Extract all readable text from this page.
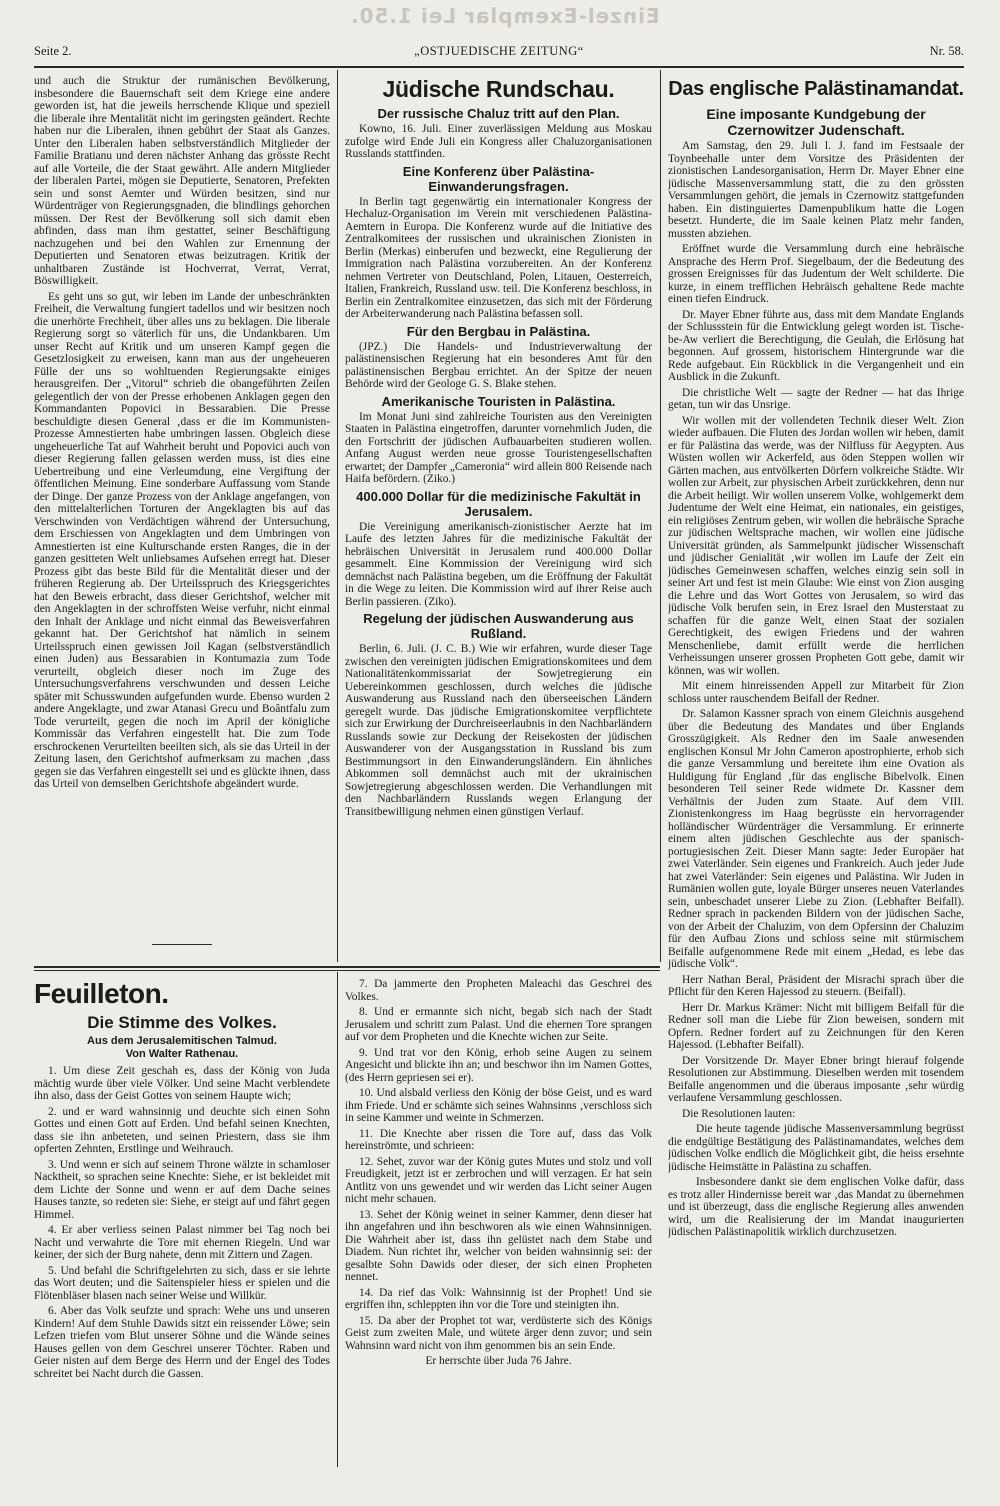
Einzel-Exemplar Lei 1.50.
Seite 2.	„OSTJUEDISCHE ZEITUNG“	Nr. 58.

und auch die Struktur der rumänischen Bevölkerung, insbesondere die Bauernschaft seit dem Kriege eine andere geworden ist, hat die jeweils herrschende Klique und speziell die liberale ihre Mentalität nicht im geringsten geändert. Rechte haben nur die Liberalen, ihnen gebührt der Staat als Ganzes. Unter den Liberalen haben selbstverständlich Mitglieder der Familie Bratianu und deren nächster Anhang das grösste Recht auf alle Vorteile, die der Staat gewährt. Alle andern Mitglieder der liberalen Partei, mögen sie Deputierte, Senatoren, Prefekten sein und sonst Aemter und Würden besitzen, sind nur Würdenträger von Regierungsgnaden, die blindlings gehorchen müssen. Der Rest der Bevölkerung soll sich damit eben abfinden, dass man ihm gestattet, seiner Beschäftigung nachzugehen und bei den Wahlen zur Ernennung der Deputierten und Senatoren etwas beizutragen. Kritik der unhaltbaren Zustände ist Hochverrat, Verrat, Verrat, Böswilligkeit.

Es geht uns so gut, wir leben im Lande der unbeschränkten Freiheit, die Verwaltung fungiert tadellos und wir besitzen noch die unerhörte Frechheit, über alles uns zu beklagen. Die liberale Regierung sorgt so väterlich für uns, die Undankbaren. Um unser Recht auf Kritik und um unseren Kampf gegen die Gesetzlosigkeit zu erweisen, kann man aus der ungeheueren Fülle der uns so wohltuenden Regierungsakte einiges herausgreifen. Der „Vitorul“ schrieb die obangeführten Zeilen gelegentlich der von der Presse erhobenen Anklagen gegen den Kommandanten Popovici in Bessarabien. Die Presse beschuldigte diesen General ‚dass er die im Kommunisten-Prozesse Amnestierten habe umbringen lassen. Obgleich diese ungeheuerliche Tat auf Wahrheit beruht und Popovici auch von dieser Regierung fallen gelassen werden muss, ist dies eine Uebertreibung und eine Verleumdung, eine Vergiftung der öffentlichen Meinung. Eine sonderbare Auffassung vom Stande der Dinge. Der ganze Prozess von der Anklage angefangen, von den mittelalterlichen Torturen der Angeklagten bis auf das Verschwinden von Verdächtigen während der Untersuchung, dem Erschiessen von Angeklagten und dem Umbringen von Amnestierten ist eine Kulturschande ersten Ranges, die in der ganzen gesitteten Welt unliebsames Aufsehen erregt hat. Dieser Prozess gibt das beste Bild für die Mentalität dieser und der früheren Regierung ab. Der Urteilsspruch des Kriegsgerichtes hat den Beweis erbracht, dass dieser Gerichtshof, welcher mit den Angeklagten in der schroffsten Weise verfuhr, nicht einmal den Inhalt der Anklage und nicht einmal das Beweisverfahren gekannt hat. Der Gerichtshof hat nämlich in seinem Urteilsspruch einen gewissen Joil Kagan (selbstverständlich einen Juden) aus Bessarabien in Kontumazia zum Tode verurteilt, obgleich dieser noch im Zuge des Untersuchungsverfahrens verschwunden und dessen Leiche später mit Schusswunden aufgefunden wurde. Ebenso wurden 2 andere Angeklagte, und zwar Atanasi Grecu und Boântfalu zum Tode verurteilt, gegen die noch im April der königliche Kommissär das Verfahren eingestellt hat. Die zum Tode erschrockenen Verurteilten beeilten sich, als sie das Urteil in der Zeitung lasen, den Gerichtshof aufmerksam zu machen ‚dass gegen sie das Verfahren eingestellt sei und es glückte ihnen, dass das Urteil von demselben Gerichtshofe abgeändert wurde.

Jüdische Rundschau.
Der russische Chaluz tritt auf den Plan.

Kowno, 16. Juli. Einer zuverlässigen Meldung aus Moskau zufolge wird Ende Juli ein Kongress aller Chaluzorganisationen Russlands stattfinden.

Eine Konferenz über Palästina-Einwanderungsfragen.

In Berlin tagt gegenwärtig ein internationaler Kongress der Hechaluz-Organisation im Verein mit verschiedenen Palästina-Aemtern in Europa. Die Konferenz wurde auf die Initiative des Zentralkomitees der russischen und ukrainischen Zionisten in Berlin (Merkas) einberufen und bezweckt, eine Regulierung der Immigration nach Palästina vorzubereiten. An der Konferenz nehmen Vertreter von Deutschland, Polen, Litauen, Oesterreich, Italien, Frankreich, Russland usw. teil. Die Konferenz beschloss, in Berlin ein Zentralkomitee einzusetzen, das sich mit der Förderung der Arbeiterwanderung nach Palästina befassen soll.

Für den Bergbau in Palästina.

(JPZ.) Die Handels- und Industrieverwaltung der palästinensischen Regierung hat ein besonderes Amt für den palästinensischen Bergbau errichtet. An der Spitze der neuen Behörde wird der Geologe G. S. Blake stehen.

Amerikanische Touristen in Palästina.

Im Monat Juni sind zahlreiche Touristen aus den Vereinigten Staaten in Palästina eingetroffen, darunter vornehmlich Juden, die den Fortschritt der jüdischen Aufbauarbeiten studieren wollen. Anfang August werden neue grosse Touristengesellschaften erwartet; der Dampfer „Cameronia“ wird allein 800 Reisende nach Haifa befördern. (Ziko.)

400.000 Dollar für die medizinische Fakultät in Jerusalem.

Die Vereinigung amerikanisch-zionistischer Aerzte hat im Laufe des letzten Jahres für die medizinische Fakultät der hebräischen Universität in Jerusalem rund 400.000 Dollar gesammelt. Eine Kommission der Vereinigung wird sich demnächst nach Palästina begeben, um die Eröffnung der Fakultät in die Wege zu leiten. Die Kommission wird auf ihrer Reise auch Berlin passieren. (Ziko).

Regelung der jüdischen Auswanderung aus Rußland.

Berlin, 6. Juli. (J. C. B.) Wie wir erfahren, wurde dieser Tage zwischen den vereinigten jüdischen Emigrationskomitees und dem Nationalitätenkommissariat der Sowjetregierung ein Uebereinkommen geschlossen, durch welches die jüdische Auswanderung aus Russland nach den überseeischen Ländern geregelt wurde. Das jüdische Emigrationskomitee verpflichtete sich zur Erwirkung der Durchreiseerlaubnis in den Nachbarländern Russlands sowie zur Deckung der Reisekosten der jüdischen Auswanderer von der Ausgangsstation in Russland bis zum Bestimmungsort in den Einwanderungsländern. Ein ähnliches Abkommen soll demnächst auch mit der ukrainischen Sowjetregierung abgeschlossen werden. Die Verhandlungen mit den Nachbarländern Russlands wegen Erlangung der Transitbewilligung nehmen einen günstigen Verlauf.

Das englische Palästinamandat.
Eine imposante Kundgebung der Czernowitzer Judenschaft.

Am Samstag, den 29. Juli l. J. fand im Festsaale der Toynbeehalle unter dem Vorsitze des Präsidenten der zionistischen Landesorganisation, Herrn Dr. Mayer Ebner eine jüdische Massenversammlung statt, die zu den grössten Versammlungen gehört, die jemals in Czernowitz stattgefunden haben. Ein distinguiertes Damenpublikum hatte die Logen besetzt. Hunderte, die im Saale keinen Platz mehr fanden, mussten abziehen.

Eröffnet wurde die Versammlung durch eine hebräische Ansprache des Herrn Prof. Siegelbaum, der die Bedeutung des grossen Ereignisses für das Judentum der Welt schilderte. Die kurze, in einem trefflichen Hebräisch gehaltene Rede machte einen tiefen Eindruck.

Dr. Mayer Ebner führte aus, dass mit dem Mandate Englands der Schlussstein für die Entwicklung gelegt worden ist. Tische-be-Aw verliert die Berechtigung, die Geulah, die Erlösung hat begonnen. Auf grossem, historischem Hintergrunde war die Rede aufgebaut. Ein Rückblick in die Vergangenheit und ein Ausblick in die Zukunft.

Die christliche Welt — sagte der Redner — hat das Ihrige getan, tun wir das Unsrige.

Wir wollen mit der vollendeten Technik dieser Welt. Zion wieder aufbauen. Die Fluten des Jordan wollen wir heben, damit er für Palästina das werde, was der Nilfluss für Aegypten. Aus Wüsten wollen wir Ackerfeld, aus öden Steppen wollen wir Gärten machen, aus entvölkerten Dörfern volkreiche Städte. Wir wollen zur Arbeit, zur physischen Arbeit zurückkehren, denn nur die Arbeit heiligt. Wir wollen unserem Volke, wohlgemerkt dem Judentume der Welt eine Heimat, ein nationales, ein geistiges, ein religiöses Zentrum geben, wir wollen die hebräische Sprache zur jüdischen Weltsprache machen, wir wollen eine jüdische Universität gründen, als Sammelpunkt jüdischer Wissenschaft und jüdischer Genialität ‚wir wollen im Laufe der Zeit ein jüdisches Gemeinwesen schaffen, welches einzig sein soll in seiner Art und fest ist mein Glaube: Wie einst von Zion ausging die Lehre und das Wort Gottes von Jerusalem, so wird das jüdische Volk berufen sein, in Erez Israel den Musterstaat zu schaffen für die ganze Welt, einen Staat der sozialen Gerechtigkeit, des ewigen Friedens und der wahren Menschenliebe, damit erfüllt werde die herrlichen Verheissungen unserer grossen Propheten Gott gebe, damit wir können, was wir wollen.

Mit einem hinreissenden Appell zur Mitarbeit für Zion schloss unter rauschendem Beifall der Redner.

Dr. Salamon Kassner sprach von einem Gleichnis ausgehend über die Bedeutung des Mandates und über Englands Grosszügigkeit. Als Redner den im Saale anwesenden englischen Konsul Mr John Cameron apostrophierte, erhob sich die ganze Versammlung und bereitete ihm eine Ovation als Huldigung für England ‚für das englische Bibelvolk. Einen besonderen Teil seiner Rede widmete Dr. Kassner dem Verhältnis der Juden zum Staate. Auf dem VIII. Zionistenkongress im Haag begrüsste ein hervorragender holländischer Würdenträger die Versammlung. Er erinnerte einem alten jüdischen Geschlechte aus der spanisch-portugiesischen Zeit. Dieser Mann sagte: Jeder Europäer hat zwei Vaterländer. Sein eigenes und Frankreich. Auch jeder Jude hat zwei Vaterländer: Sein eigenes und Palästina. Wir Juden in Rumänien wollen gute, loyale Bürger unseres neuen Vaterlandes sein, unbeschadet unserer Liebe zu Zion. (Lebhafter Beifall). Redner sprach in packenden Bildern von der jüdischen Sache, von der Arbeit der Chaluzim, von dem Opfersinn der Chaluzim für den Aufbau Zions und schloss seine mit stürmischem Beifalle aufgenommene Rede mit einem „Hedad, es lebe das jüdische Volk“.

Herr Nathan Beral, Präsident der Misrachi sprach über die Pflicht für den Keren Hajessod zu steuern. (Beifall).

Herr Dr. Markus Krämer: Nicht mit billigem Beifall für die Redner soll man die Liebe für Zion beweisen, sondern mit Opfern. Redner fordert auf zu Zeichnungen für den Keren Hajessod. (Lebhafter Beifall).

Der Vorsitzende Dr. Mayer Ebner bringt hierauf folgende Resolutionen zur Abstimmung. Dieselben werden mit tosendem Beifalle angenommen und die überaus imposante ‚sehr würdig verlaufene Versammlung geschlossen.

Die Resolutionen lauten:

Die heute tagende jüdische Massenversammlung begrüsst die endgültige Bestätigung des Palästinamandates, welches dem jüdischen Volke endlich die Möglichkeit gibt, die heiss ersehnte jüdische Heimstätte in Palästina zu schaffen.

Insbesondere dankt sie dem englischen Volke dafür, dass es trotz aller Hindernisse bereit war ‚das Mandat zu übernehmen und ist überzeugt, dass die englische Regierung alles anwenden wird, um die Realisierung der im Mandat inaugurierten jüdischen Palästinapolitik wirklich durchzusetzen.

Feuilleton.
Die Stimme des Volkes.
Aus dem Jerusalemitischen Talmud.
Von Walter Rathenau.

1. Um diese Zeit geschah es, dass der König von Juda mächtig wurde über viele Völker. Und seine Macht verblendete ihn also, dass der Geist Gottes von seinem Haupte wich;

2. und er ward wahnsinnig und deuchte sich einen Sohn Gottes und einen Gott auf Erden. Und befahl seinen Knechten, dass sie ihn anbeteten, und seinen Priestern, dass sie ihm opferten Zehnten, Erstlinge und Weihrauch.

3. Und wenn er sich auf seinem Throne wälzte in schamloser Nacktheit, so sprachen seine Knechte: Siehe, er ist bekleidet mit dem Lichte der Sonne und wenn er auf dem Dache seines Hauses tanzte, so redeten sie: Siehe, er steigt auf und fährt gegen Himmel.

4. Er aber verliess seinen Palast nimmer bei Tag noch bei Nacht und verwahrte die Tore mit ehernen Riegeln. Und war keiner, der sich der Burg nahete, denn mit Zittern und Zagen.

5. Und befahl die Schriftgelehrten zu sich, dass er sie lehrte das Wort deuten; und die Saitenspieler hiess er spielen und die Flötenbläser blasen nach seiner Weise und Willkür.

6. Aber das Volk seufzte und sprach: Wehe uns und unseren Kindern! Auf dem Stuhle Dawids sitzt ein reissender Löwe; sein Lefzen triefen vom Blut unserer Söhne und die Wände seines Hauses gellen von dem Geschrei unserer Töchter. Raben und Geier nisten auf dem Berge des Herrn und der Engel des Todes schreitet bei Nacht durch die Gassen.

7. Da jammerte den Propheten Maleachi das Geschrei des Volkes.

8. Und er ermannte sich nicht, begab sich nach der Stadt Jerusalem und schritt zum Palast. Und die ehernen Tore sprangen auf vor dem Propheten und die Knechte wichen zur Seite.

9. Und trat vor den König, erhob seine Augen zu seinem Angesicht und blickte ihn an; und beschwor ihn im Namen Gottes, (des Herrn gepriesen sei er).

10. Und alsbald verliess den König der böse Geist, und es ward ihm Friede. Und er schämte sich seines Wahnsinns ‚verschloss sich in seine Kammer und weinte in Schmerzen.

11. Die Knechte aber rissen die Tore auf, dass das Volk hereinströmte, und schrieen:

12. Sehet, zuvor war der König gutes Mutes und stolz und voll Freudigkeit, jetzt ist er zerbrochen und will verzagen. Er hat sein Antlitz von uns gewendet und wir werden das Licht seiner Augen nicht mehr schauen.

13. Sehet der König weinet in seiner Kammer, denn dieser hat ihn angefahren und ihn beschworen als wie einen Wahnsinnigen. Die Wahrheit aber ist, dass ihn gelüstet nach dem Stabe und Diadem. Nun richtet ihr, welcher von beiden wahnsinnig sei: der gesalbte Sohn Dawids oder dieser, der sich einen Propheten nennet.

14. Da rief das Volk: Wahnsinnig ist der Prophet! Und sie ergriffen ihn, schleppten ihn vor die Tore und steinigten ihn.

15. Da aber der Prophet tot war, verdüsterte sich des Königs Geist zum zweiten Male, und wütete ärger denn zuvor; und sein Wahnsinn ward nicht von ihm genommen bis an sein Ende.

Er herrschte über Juda 76 Jahre.
